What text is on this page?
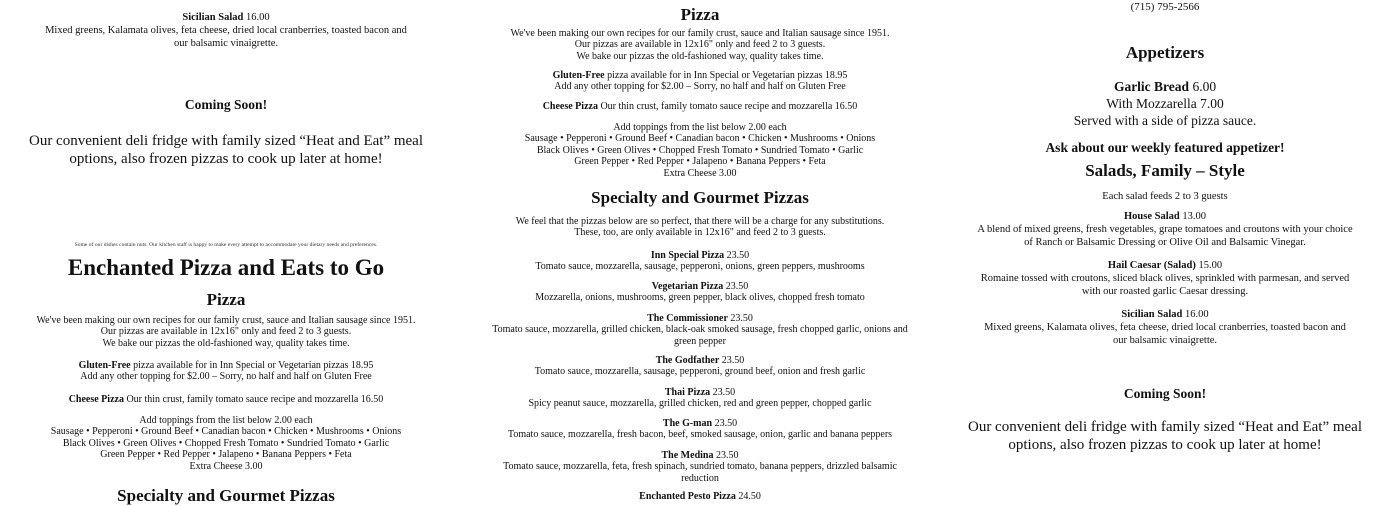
Sicilian Salad 16.00
Mixed greens, Kalamata olives, feta cheese, dried local cranberries, toasted bacon and
our balsamic vinaigrette.
Coming Soon!
Our convenient deli fridge with family sized “Heat and Eat” meal
options, also frozen pizzas to cook up later at home!
Some of our dishes contain nuts. Our kitchen staff is happy to make every attempt to accommodate your dietary needs and preferences.
Enchanted Pizza and Eats to Go
Pizza
We've been making our own recipes for our family crust, sauce and Italian sausage since 1951.
Our pizzas are available in 12x16" only and feed 2 to 3 guests.
We bake our pizzas the old-fashioned way, quality takes time.
Gluten-Free pizza available for in Inn Special or Vegetarian pizzas 18.95
Add any other topping for $2.00 – Sorry, no half and half on Gluten Free
Cheese Pizza Our thin crust, family tomato sauce recipe and mozzarella 16.50
Add toppings from the list below 2.00 each
Sausage • Pepperoni • Ground Beef • Canadian bacon • Chicken • Mushrooms • Onions
Black Olives • Green Olives • Chopped Fresh Tomato • Sundried Tomato • Garlic
Green Pepper • Red Pepper • Jalapeno • Banana Peppers • Feta
Extra Cheese 3.00
Specialty and Gourmet Pizzas
Pizza
We've been making our own recipes for our family crust, sauce and Italian sausage since 1951.
Our pizzas are available in 12x16" only and feed 2 to 3 guests.
We bake our pizzas the old-fashioned way, quality takes time.
Gluten-Free pizza available for in Inn Special or Vegetarian pizzas 18.95
Add any other topping for $2.00 – Sorry, no half and half on Gluten Free
Cheese Pizza Our thin crust, family tomato sauce recipe and mozzarella 16.50
Add toppings from the list below 2.00 each
Sausage • Pepperoni • Ground Beef • Canadian bacon • Chicken • Mushrooms • Onions
Black Olives • Green Olives • Chopped Fresh Tomato • Sundried Tomato • Garlic
Green Pepper • Red Pepper • Jalapeno • Banana Peppers • Feta
Extra Cheese 3.00
Specialty and Gourmet Pizzas
We feel that the pizzas below are so perfect, that there will be a charge for any substitutions.
These, too, are only available in 12x16" and feed 2 to 3 guests.
Inn Special Pizza 23.50
Tomato sauce, mozzarella, sausage, pepperoni, onions, green peppers, mushrooms
Vegetarian Pizza 23.50
Mozzarella, onions, mushrooms, green pepper, black olives, chopped fresh tomato
The Commissioner 23.50
Tomato sauce, mozzarella, grilled chicken, black-oak smoked sausage, fresh chopped garlic, onions and green pepper
The Godfather 23.50
Tomato sauce, mozzarella, sausage, pepperoni, ground beef, onion and fresh garlic
Thai Pizza 23.50
Spicy peanut sauce, mozzarella, grilled chicken, red and green pepper, chopped garlic
The G-man 23.50
Tomato sauce, mozzarella, fresh bacon, beef, smoked sausage, onion, garlic and banana peppers
The Medina 23.50
Tomato sauce, mozzarella, feta, fresh spinach, sundried tomato, banana peppers, drizzled balsamic reduction
Enchanted Pesto Pizza 24.50
(715) 795-2566
Appetizers
Garlic Bread 6.00
With Mozzarella 7.00
Served with a side of pizza sauce.
Ask about our weekly featured appetizer!
Salads, Family – Style
Each salad feeds 2 to 3 guests
House Salad 13.00
A blend of mixed greens, fresh vegetables, grape tomatoes and croutons with your choice
of Ranch or Balsamic Dressing or Olive Oil and Balsamic Vinegar.
Hail Caesar (Salad) 15.00
Romaine tossed with croutons, sliced black olives, sprinkled with parmesan, and served
with our roasted garlic Caesar dressing.
Sicilian Salad 16.00
Mixed greens, Kalamata olives, feta cheese, dried local cranberries, toasted bacon and
our balsamic vinaigrette.
Coming Soon!
Our convenient deli fridge with family sized “Heat and Eat” meal
options, also frozen pizzas to cook up later at home!
